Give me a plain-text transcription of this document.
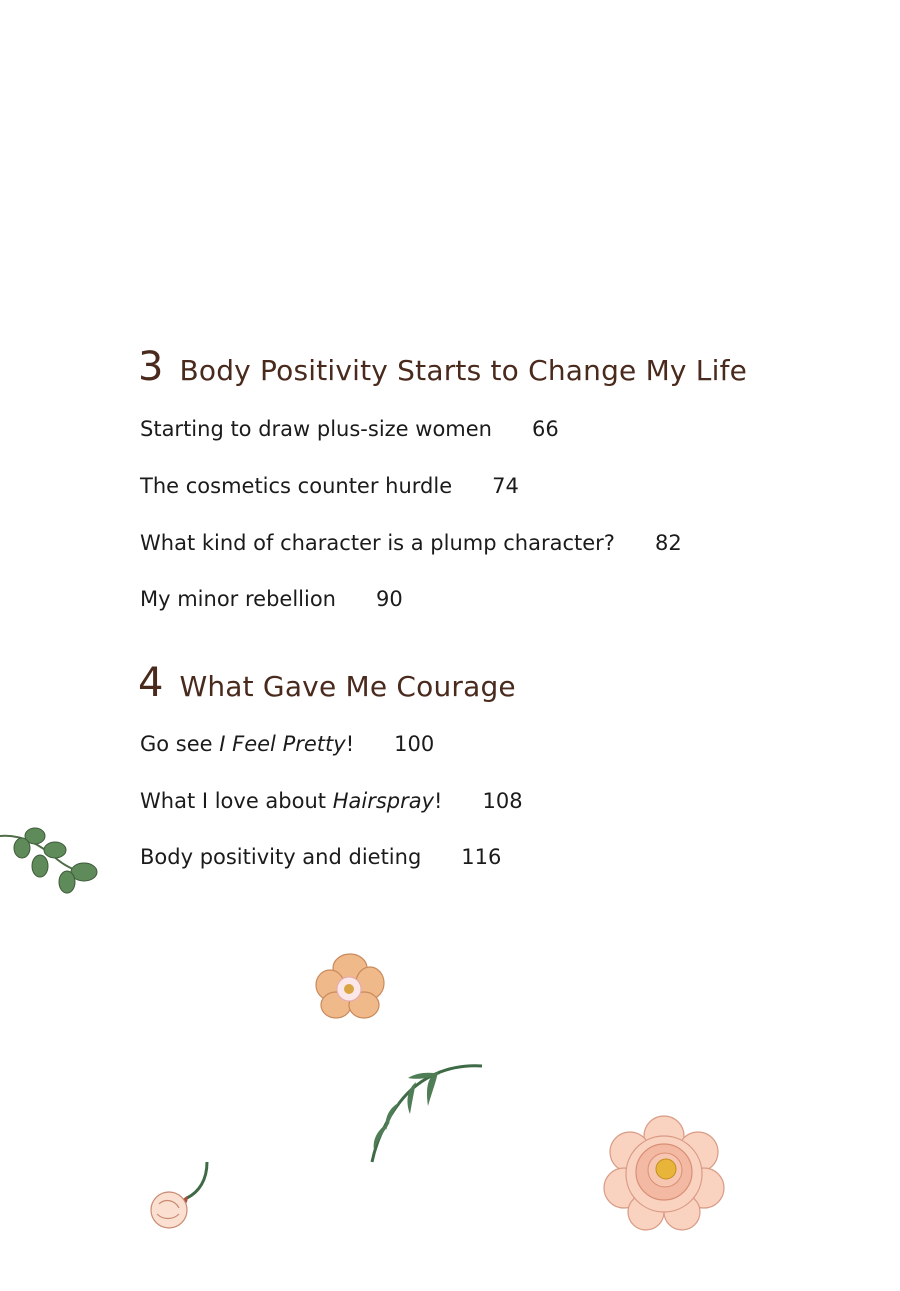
3 Body Positivity Starts to Change My Life
Starting to draw plus-size women 66
The cosmetics counter hurdle 74
What kind of character is a plump character? 82
My minor rebellion 90
4 What Gave Me Courage
Go see I Feel Pretty! 100
What I love about Hairspray! 108
Body positivity and dieting 116
